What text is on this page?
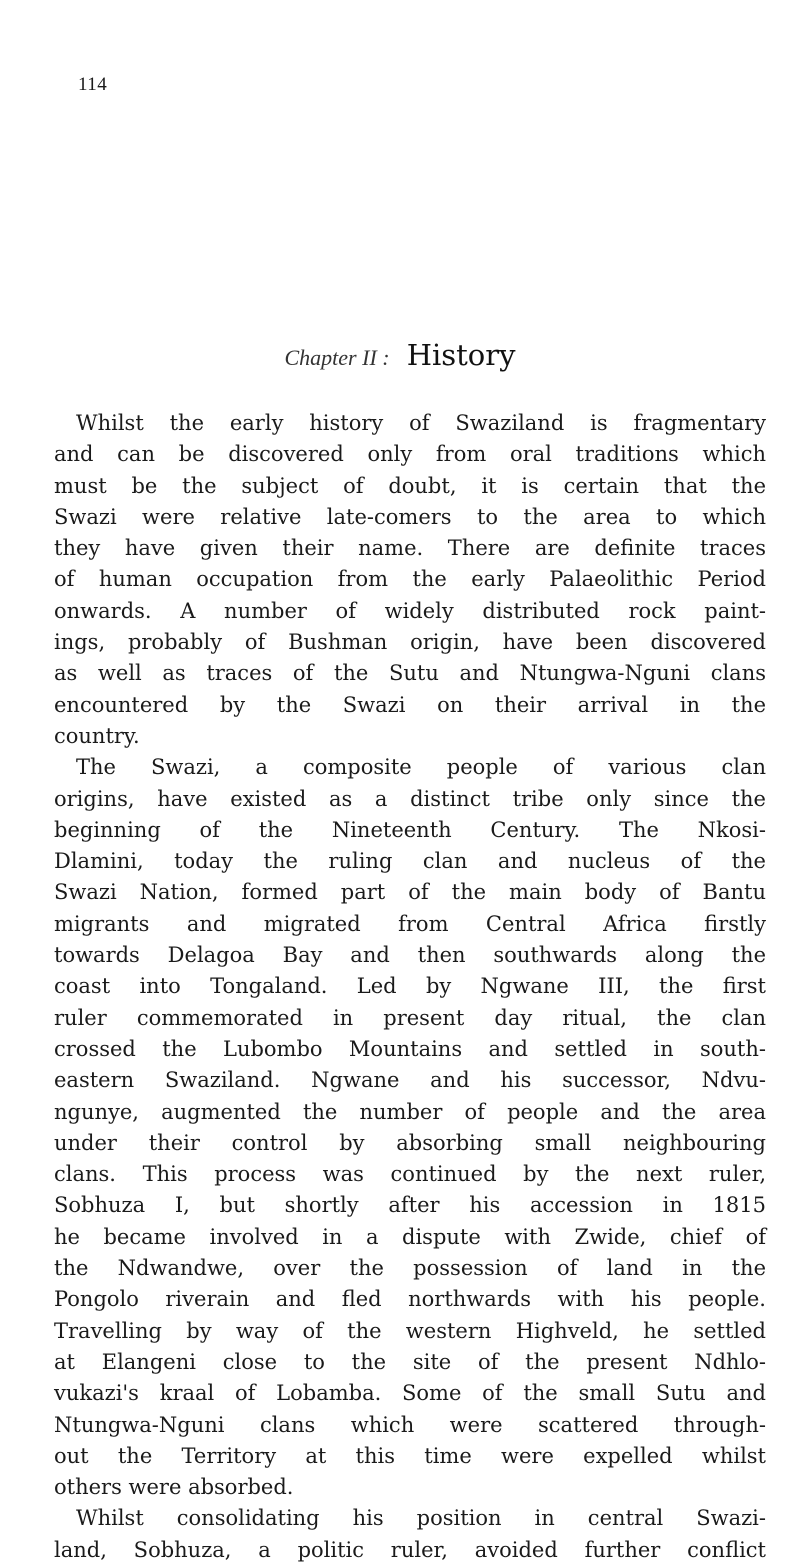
114
Chapter II : History
Whilst the early history of Swaziland is fragmentary
and can be discovered only from oral traditions which
must be the subject of doubt, it is certain that the
Swazi were relative late-comers to the area to which
they have given their name. There are definite traces
of human occupation from the early Palaeolithic Period
onwards. A number of widely distributed rock paint-
ings, probably of Bushman origin, have been discovered
as well as traces of the Sutu and Ntungwa-Nguni clans
encountered by the Swazi on their arrival in the
country.
The Swazi, a composite people of various clan
origins, have existed as a distinct tribe only since the
beginning of the Nineteenth Century. The Nkosi-
Dlamini, today the ruling clan and nucleus of the
Swazi Nation, formed part of the main body of Bantu
migrants and migrated from Central Africa firstly
towards Delagoa Bay and then southwards along the
coast into Tongaland. Led by Ngwane III, the first
ruler commemorated in present day ritual, the clan
crossed the Lubombo Mountains and settled in south-
eastern Swaziland. Ngwane and his successor, Ndvu-
ngunye, augmented the number of people and the area
under their control by absorbing small neighbouring
clans. This process was continued by the next ruler,
Sobhuza I, but shortly after his accession in 1815
he became involved in a dispute with Zwide, chief of
the Ndwandwe, over the possession of land in the
Pongolo riverain and fled northwards with his people.
Travelling by way of the western Highveld, he settled
at Elangeni close to the site of the present Ndhlo-
vukazi's kraal of Lobamba. Some of the small Sutu and
Ntungwa-Nguni clans which were scattered through-
out the Territory at this time were expelled whilst
others were absorbed.
Whilst consolidating his position in central Swazi-
land, Sobhuza, a politic ruler, avoided further conflict
